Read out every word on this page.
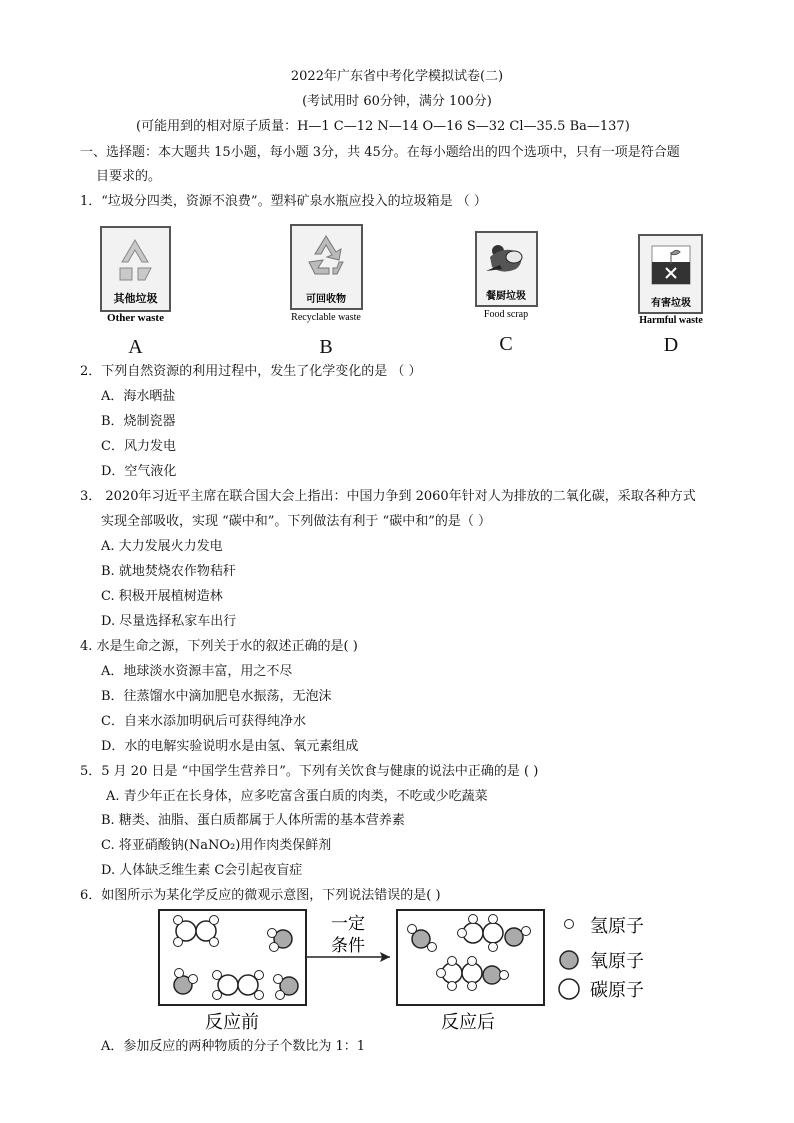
2022年广东省中考化学模拟试卷(二)
(考试用时 60分钟，满分 100分)
(可能用到的相对原子质量：H—1 C—12 N—14 O—16 S—32 Cl—35.5 Ba—137)
一、选择题：本大题共 15小题，每小题 3分，共 45分。在每小题给出的四个选项中，只有一项是符合题
目要求的。
1．“垃圾分四类，资源不浪费”。塑料矿泉水瓶应投入的垃圾箱是 （ ）
其他垃圾
Other waste
A
可回收物
Recyclable waste
B
餐厨垃圾
Food scrap
C
有害垃圾
Harmful waste
D
2．下列自然资源的利用过程中，发生了化学变化的是 （ ）
A．海水晒盐
B．烧制瓷器
C．风力发电
D．空气液化
3． 2020年习近平主席在联合国大会上指出：中国力争到 2060年针对人为排放的二氧化碳，采取各种方式
实现全部吸收，实现 “碳中和”。下列做法有利于 “碳中和”的是（ ）
A. 大力发展火力发电
B. 就地焚烧农作物秸秆
C. 积极开展植树造林
D. 尽量选择私家车出行
4. 水是生命之源，下列关于水的叙述正确的是( )
A．地球淡水资源丰富，用之不尽
B．往蒸馏水中滴加肥皂水振荡，无泡沫
C．自来水添加明矾后可获得纯净水
D．水的电解实验说明水是由氢、氧元素组成
5．5 月 20 日是 “中国学生营养日”。下列有关饮食与健康的说法中正确的是 ( )
A. 青少年正在长身体，应多吃富含蛋白质的肉类，不吃或少吃蔬菜
B. 糖类、油脂、蛋白质都属于人体所需的基本营养素
C. 将亚硝酸钠(NaNO₂)用作肉类保鲜剂
D. 人体缺乏维生素 C会引起夜盲症
6．如图所示为某化学反应的微观示意图，下列说法错误的是( )
一定
条件
氢原子
氧原子
碳原子
反应前	反应后
A．参加反应的两种物质的分子个数比为 1：1
